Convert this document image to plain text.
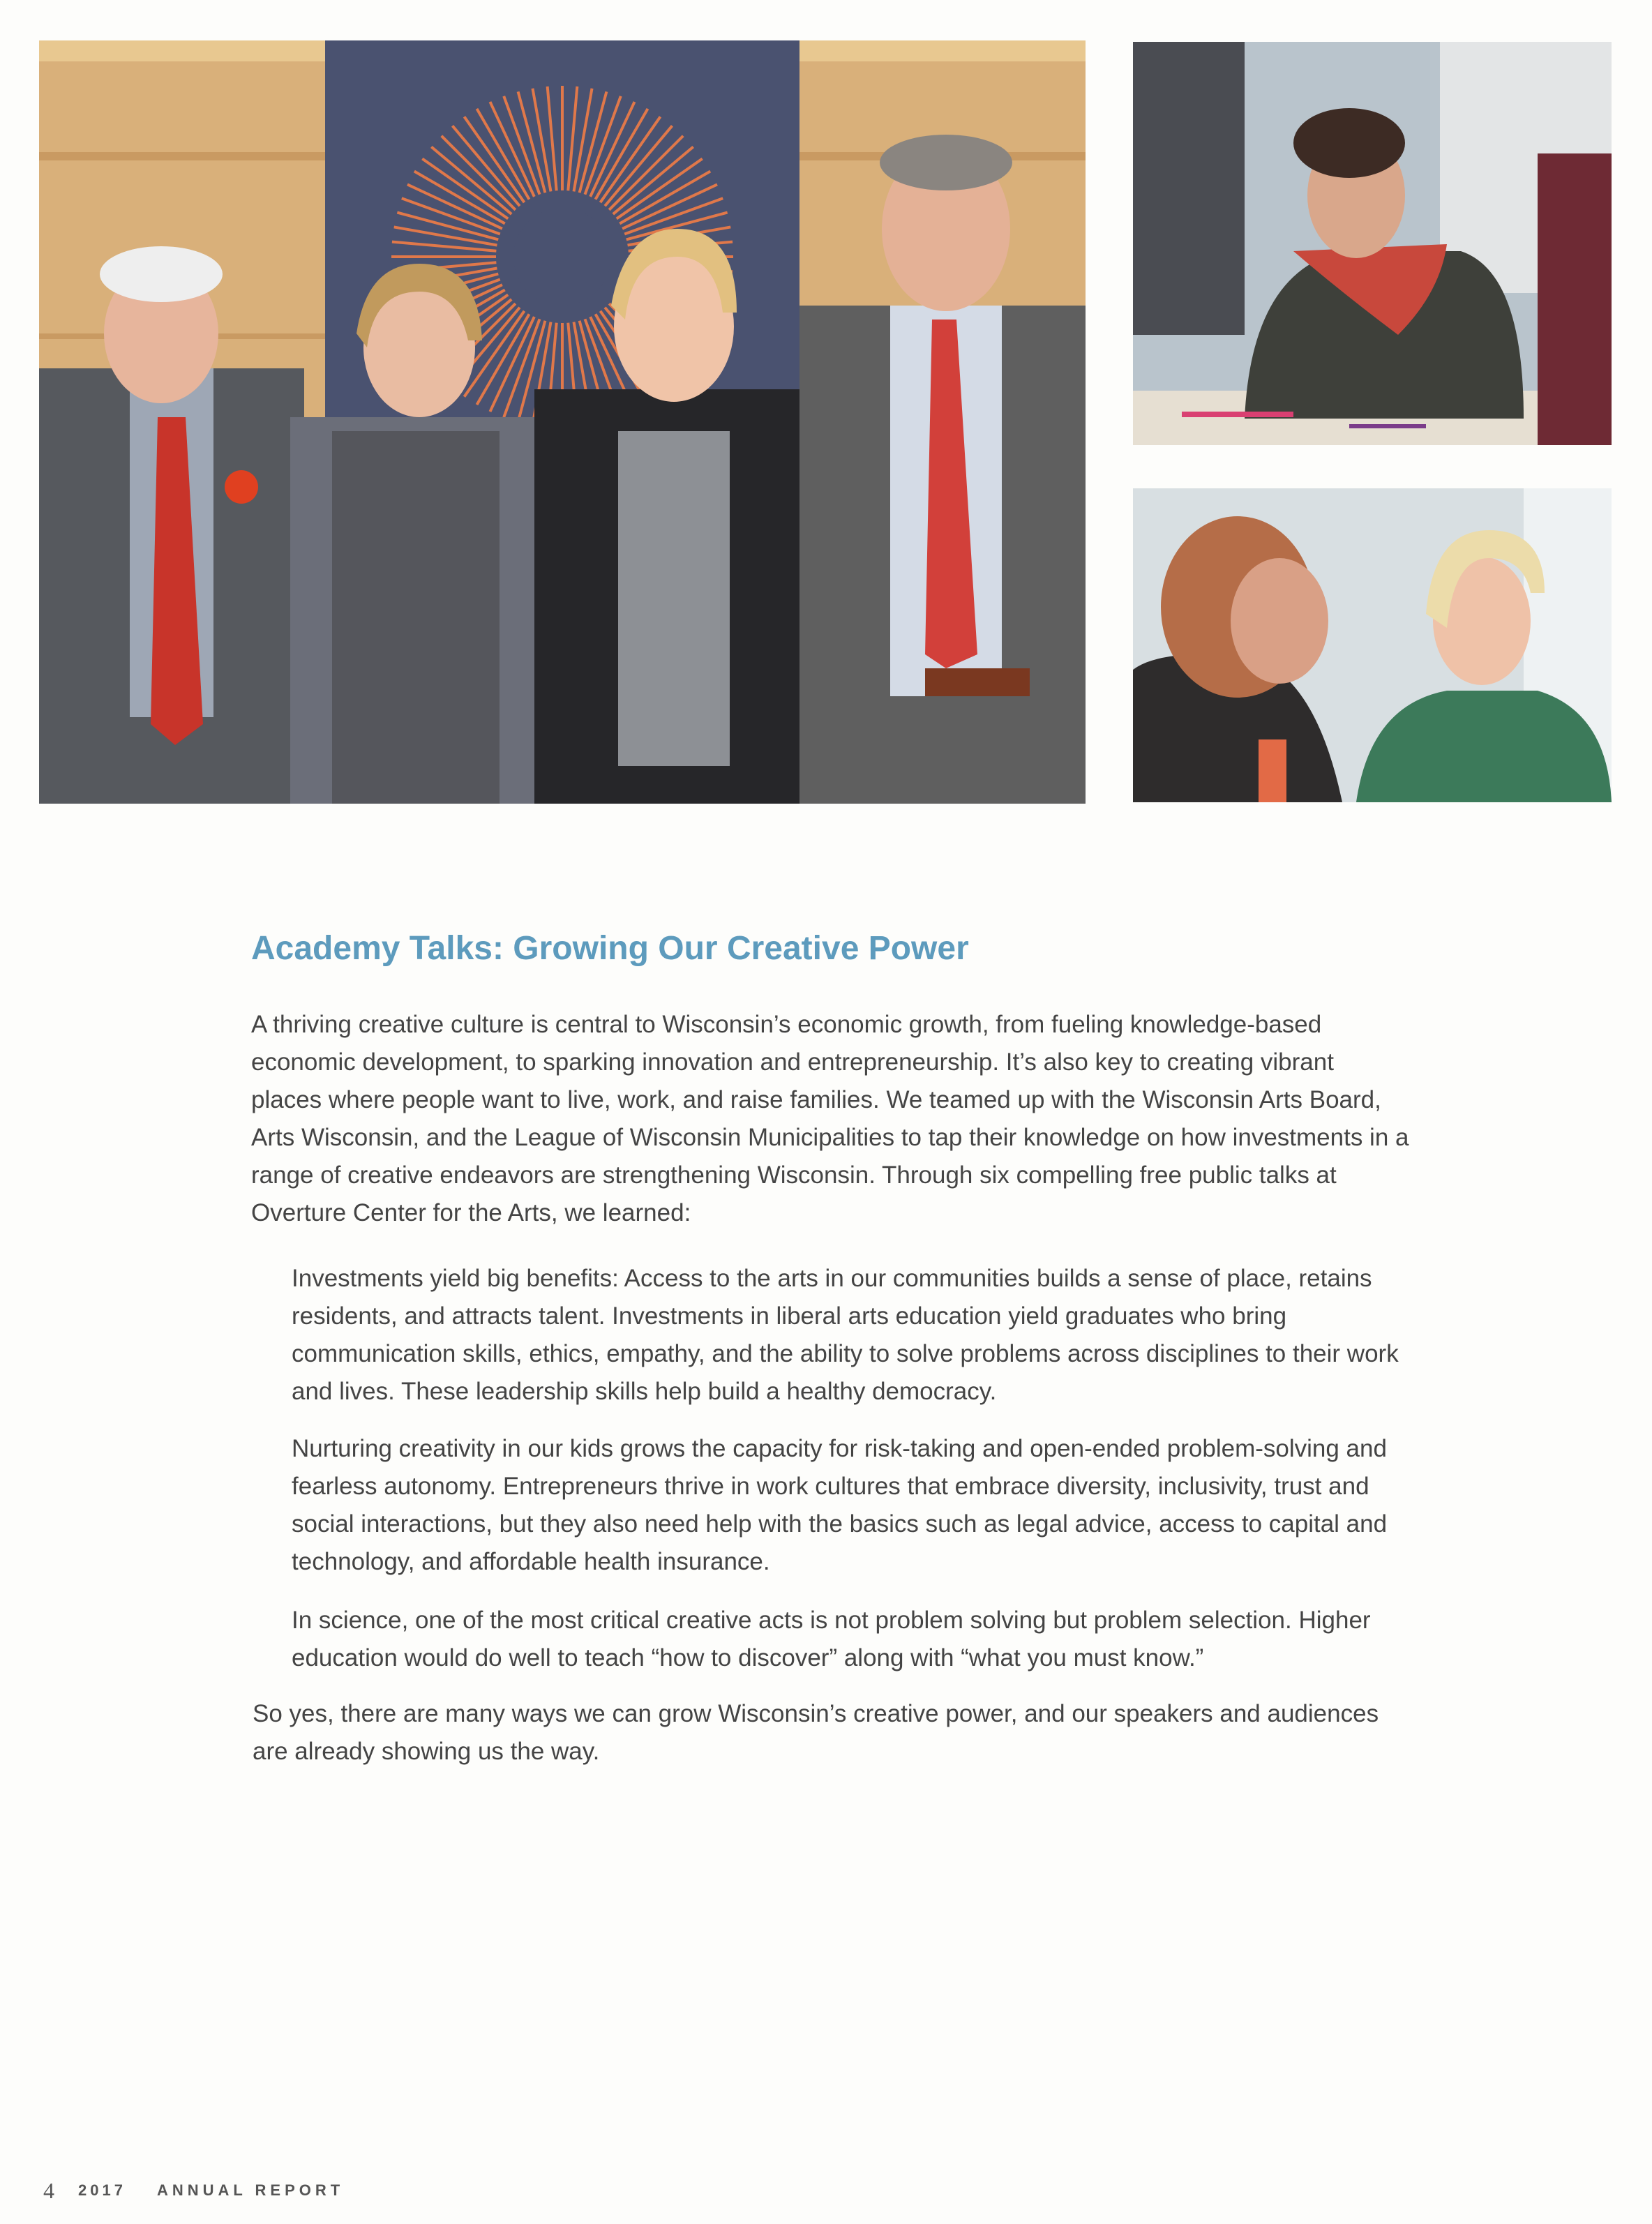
Academy Talks: Growing Our Creative Power

A thriving creative culture is central to Wisconsin’s economic growth, from fueling knowledge-based economic development, to sparking innovation and entrepreneurship. It’s also key to creating vibrant places where people want to live, work, and raise families. We teamed up with the Wisconsin Arts Board, Arts Wisconsin, and the League of Wisconsin Municipalities to tap their knowledge on how investments in a range of creative endeavors are strengthening Wisconsin. Through six compelling free public talks at Overture Center for the Arts, we learned:

Investments yield big benefits: Access to the arts in our communities builds a sense of place, retains residents, and attracts talent. Investments in liberal arts education yield graduates who bring communication skills, ethics, empathy, and the ability to solve problems across disciplines to their work and lives. These leadership skills help build a healthy democracy.

Nurturing creativity in our kids grows the capacity for risk-taking and open-ended problem-solving and fearless autonomy. Entrepreneurs thrive in work cultures that embrace diversity, inclusivity, trust and social interactions, but they also need help with the basics such as legal advice, access to capital and technology, and affordable health insurance.

In science, one of the most critical creative acts is not problem solving but problem selection. Higher education would do well to teach “how to discover” along with “what you must know.”

So yes, there are many ways we can grow Wisconsin’s creative power, and our speakers and audiences are already showing us the way.

4 2017 ANNUAL REPORT
